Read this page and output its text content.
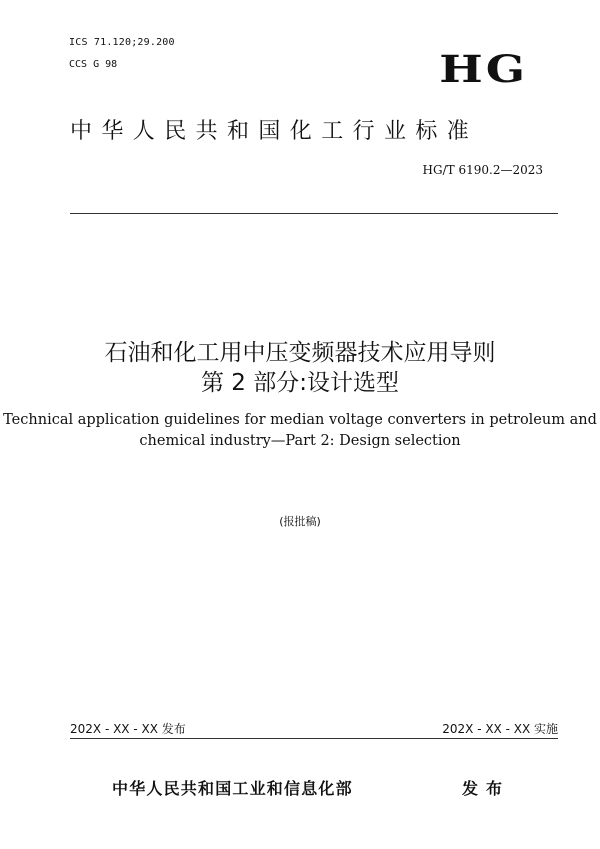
ICS 71.120;29.200
CCS G 98	HG
中华人民共和国化工行业标准
HG/T 6190.2—2023
石油和化工用中压变频器技术应用导则
第 2 部分:设计选型
Technical application guidelines for median voltage converters in petroleum and
chemical industry—Part 2: Design selection
(报批稿)
202X - XX - XX 发布	202X - XX - XX 实施
中华人民共和国工业和信息化部	发布
